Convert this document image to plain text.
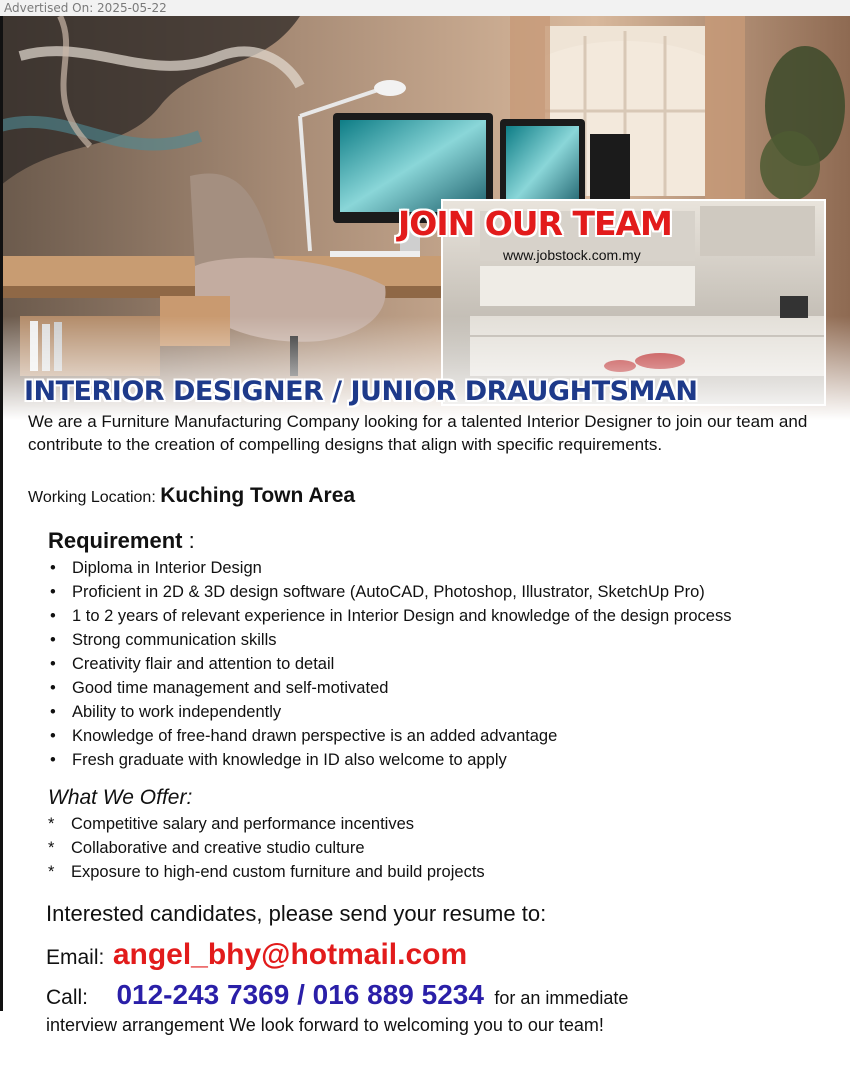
Advertised On: 2025-05-22
JOIN OUR TEAM
www.jobstock.com.my
INTERIOR DESIGNER / JUNIOR DRAUGHTSMAN
We are a Furniture Manufacturing Company looking for a talented Interior Designer to join our team and contribute to the creation of compelling designs that align with specific requirements.
Working Location: Kuching Town Area
Requirement :
• Diploma in Interior Design
• Proficient in 2D & 3D design software (AutoCAD, Photoshop, Illustrator, SketchUp Pro)
• 1 to 2 years of relevant experience in Interior Design and knowledge of the design process
• Strong communication skills
• Creativity flair and attention to detail
• Good time management and self-motivated
• Ability to work independently
• Knowledge of free-hand drawn perspective is an added advantage
• Fresh graduate with knowledge in ID also welcome to apply
What We Offer:
* Competitive salary and performance incentives
* Collaborative and creative studio culture
* Exposure to high-end custom furniture and build projects
Interested candidates, please send your resume to:
Email: angel_bhy@hotmail.com
Call: 012-243 7369 / 016 889 5234 for an immediate
interview arrangement We look forward to welcoming you to our team!
